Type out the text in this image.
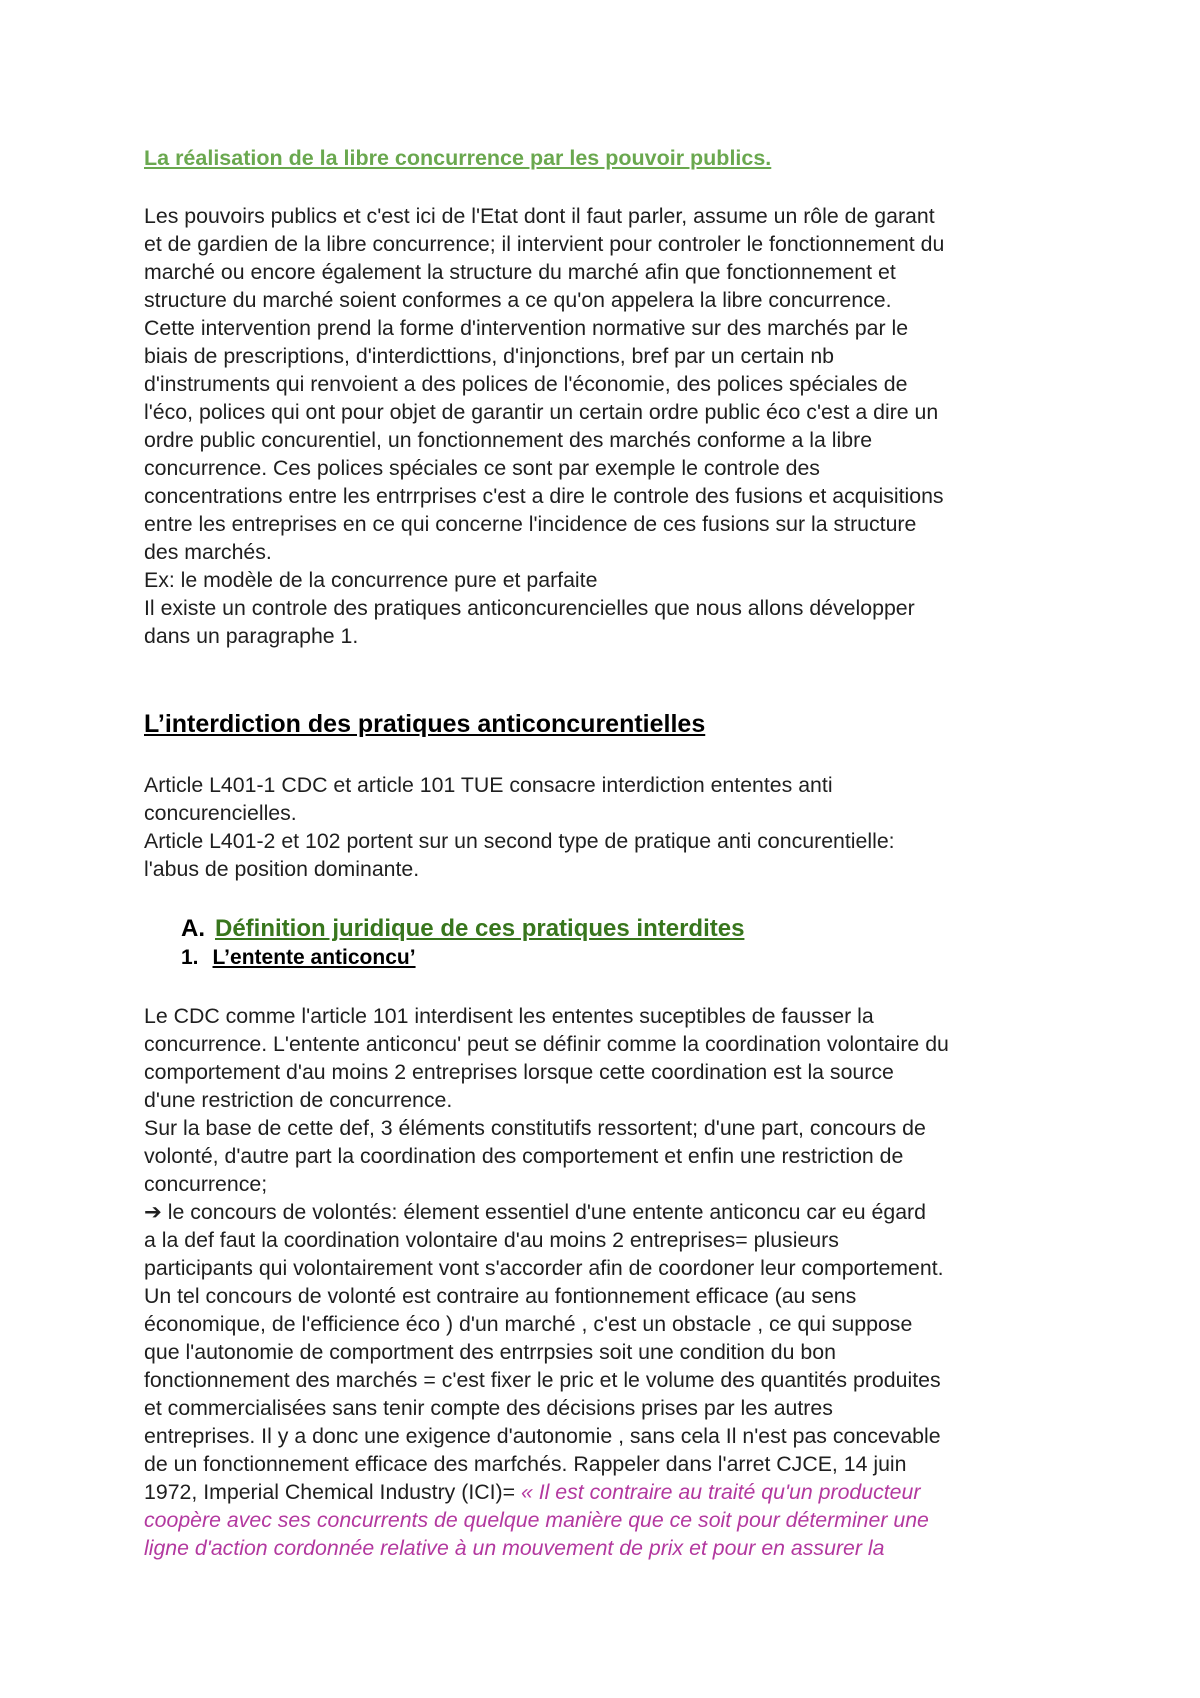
La réalisation de la libre concurrence par les pouvoir publics.

Les pouvoirs publics et c'est ici de l'Etat dont il faut parler, assume un rôle de garant
et de gardien de la libre concurrence; il intervient pour controler le fonctionnement du
marché ou encore également la structure du marché afin que fonctionnement et
structure du marché soient conformes a ce qu'on appelera la libre concurrence.
Cette intervention prend la forme d'intervention normative sur des marchés par le
biais de prescriptions, d'interdicttions, d'injonctions, bref par un certain nb
d'instruments qui renvoient a des polices de l'économie, des polices spéciales de
l'éco, polices qui ont pour objet de garantir un certain ordre public éco c'est a dire un
ordre public concurentiel, un fonctionnement des marchés conforme a la libre
concurrence. Ces polices spéciales ce sont par exemple le controle des
concentrations entre les entrrprises c'est a dire le controle des fusions et acquisitions
entre les entreprises en ce qui concerne l'incidence de ces fusions sur la structure
des marchés.
Ex: le modèle de la concurrence pure et parfaite
Il existe un controle des pratiques anticoncurencielles que nous allons développer
dans un paragraphe 1.

L’interdiction des pratiques anticoncurentielles

Article L401-1 CDC et article 101 TUE consacre interdiction ententes anti
concurencielles.
Article L401-2 et 102 portent sur un second type de pratique anti concurentielle:
l'abus de position dominante.
A. Définition juridique de ces pratiques interdites
1. L’entente anticoncu’
Le CDC comme l'article 101 interdisent les ententes suceptibles de fausser la
concurrence. L'entente anticoncu' peut se définir comme la coordination volontaire du
comportement d'au moins 2 entreprises lorsque cette coordination est la source
d'une restriction de concurrence.
Sur la base de cette def, 3 éléments constitutifs ressortent; d'une part, concours de
volonté, d'autre part la coordination des comportement et enfin une restriction de
concurrence;
➔ le concours de volontés: élement essentiel d'une entente anticoncu car eu égard
a la def faut la coordination volontaire d'au moins 2 entreprises= plusieurs
participants qui volontairement vont s'accorder afin de coordoner leur comportement.
Un tel concours de volonté est contraire au fontionnement efficace (au sens
économique, de l'efficience éco ) d'un marché , c'est un obstacle , ce qui suppose
que l'autonomie de comportment des entrrpsies soit une condition du bon
fonctionnement des marchés = c'est fixer le pric et le volume des quantités produites
et commercialisées sans tenir compte des décisions prises par les autres
entreprises. Il y a donc une exigence d'autonomie , sans cela Il n'est pas concevable
de un fonctionnement efficace des marfchés. Rappeler dans l'arret CJCE, 14 juin
1972, Imperial Chemical Industry (ICI)= « Il est contraire au traité qu'un producteur
coopère avec ses concurrents de quelque manière que ce soit pour déterminer une
ligne d'action cordonnée relative à un mouvement de prix et pour en assurer la
